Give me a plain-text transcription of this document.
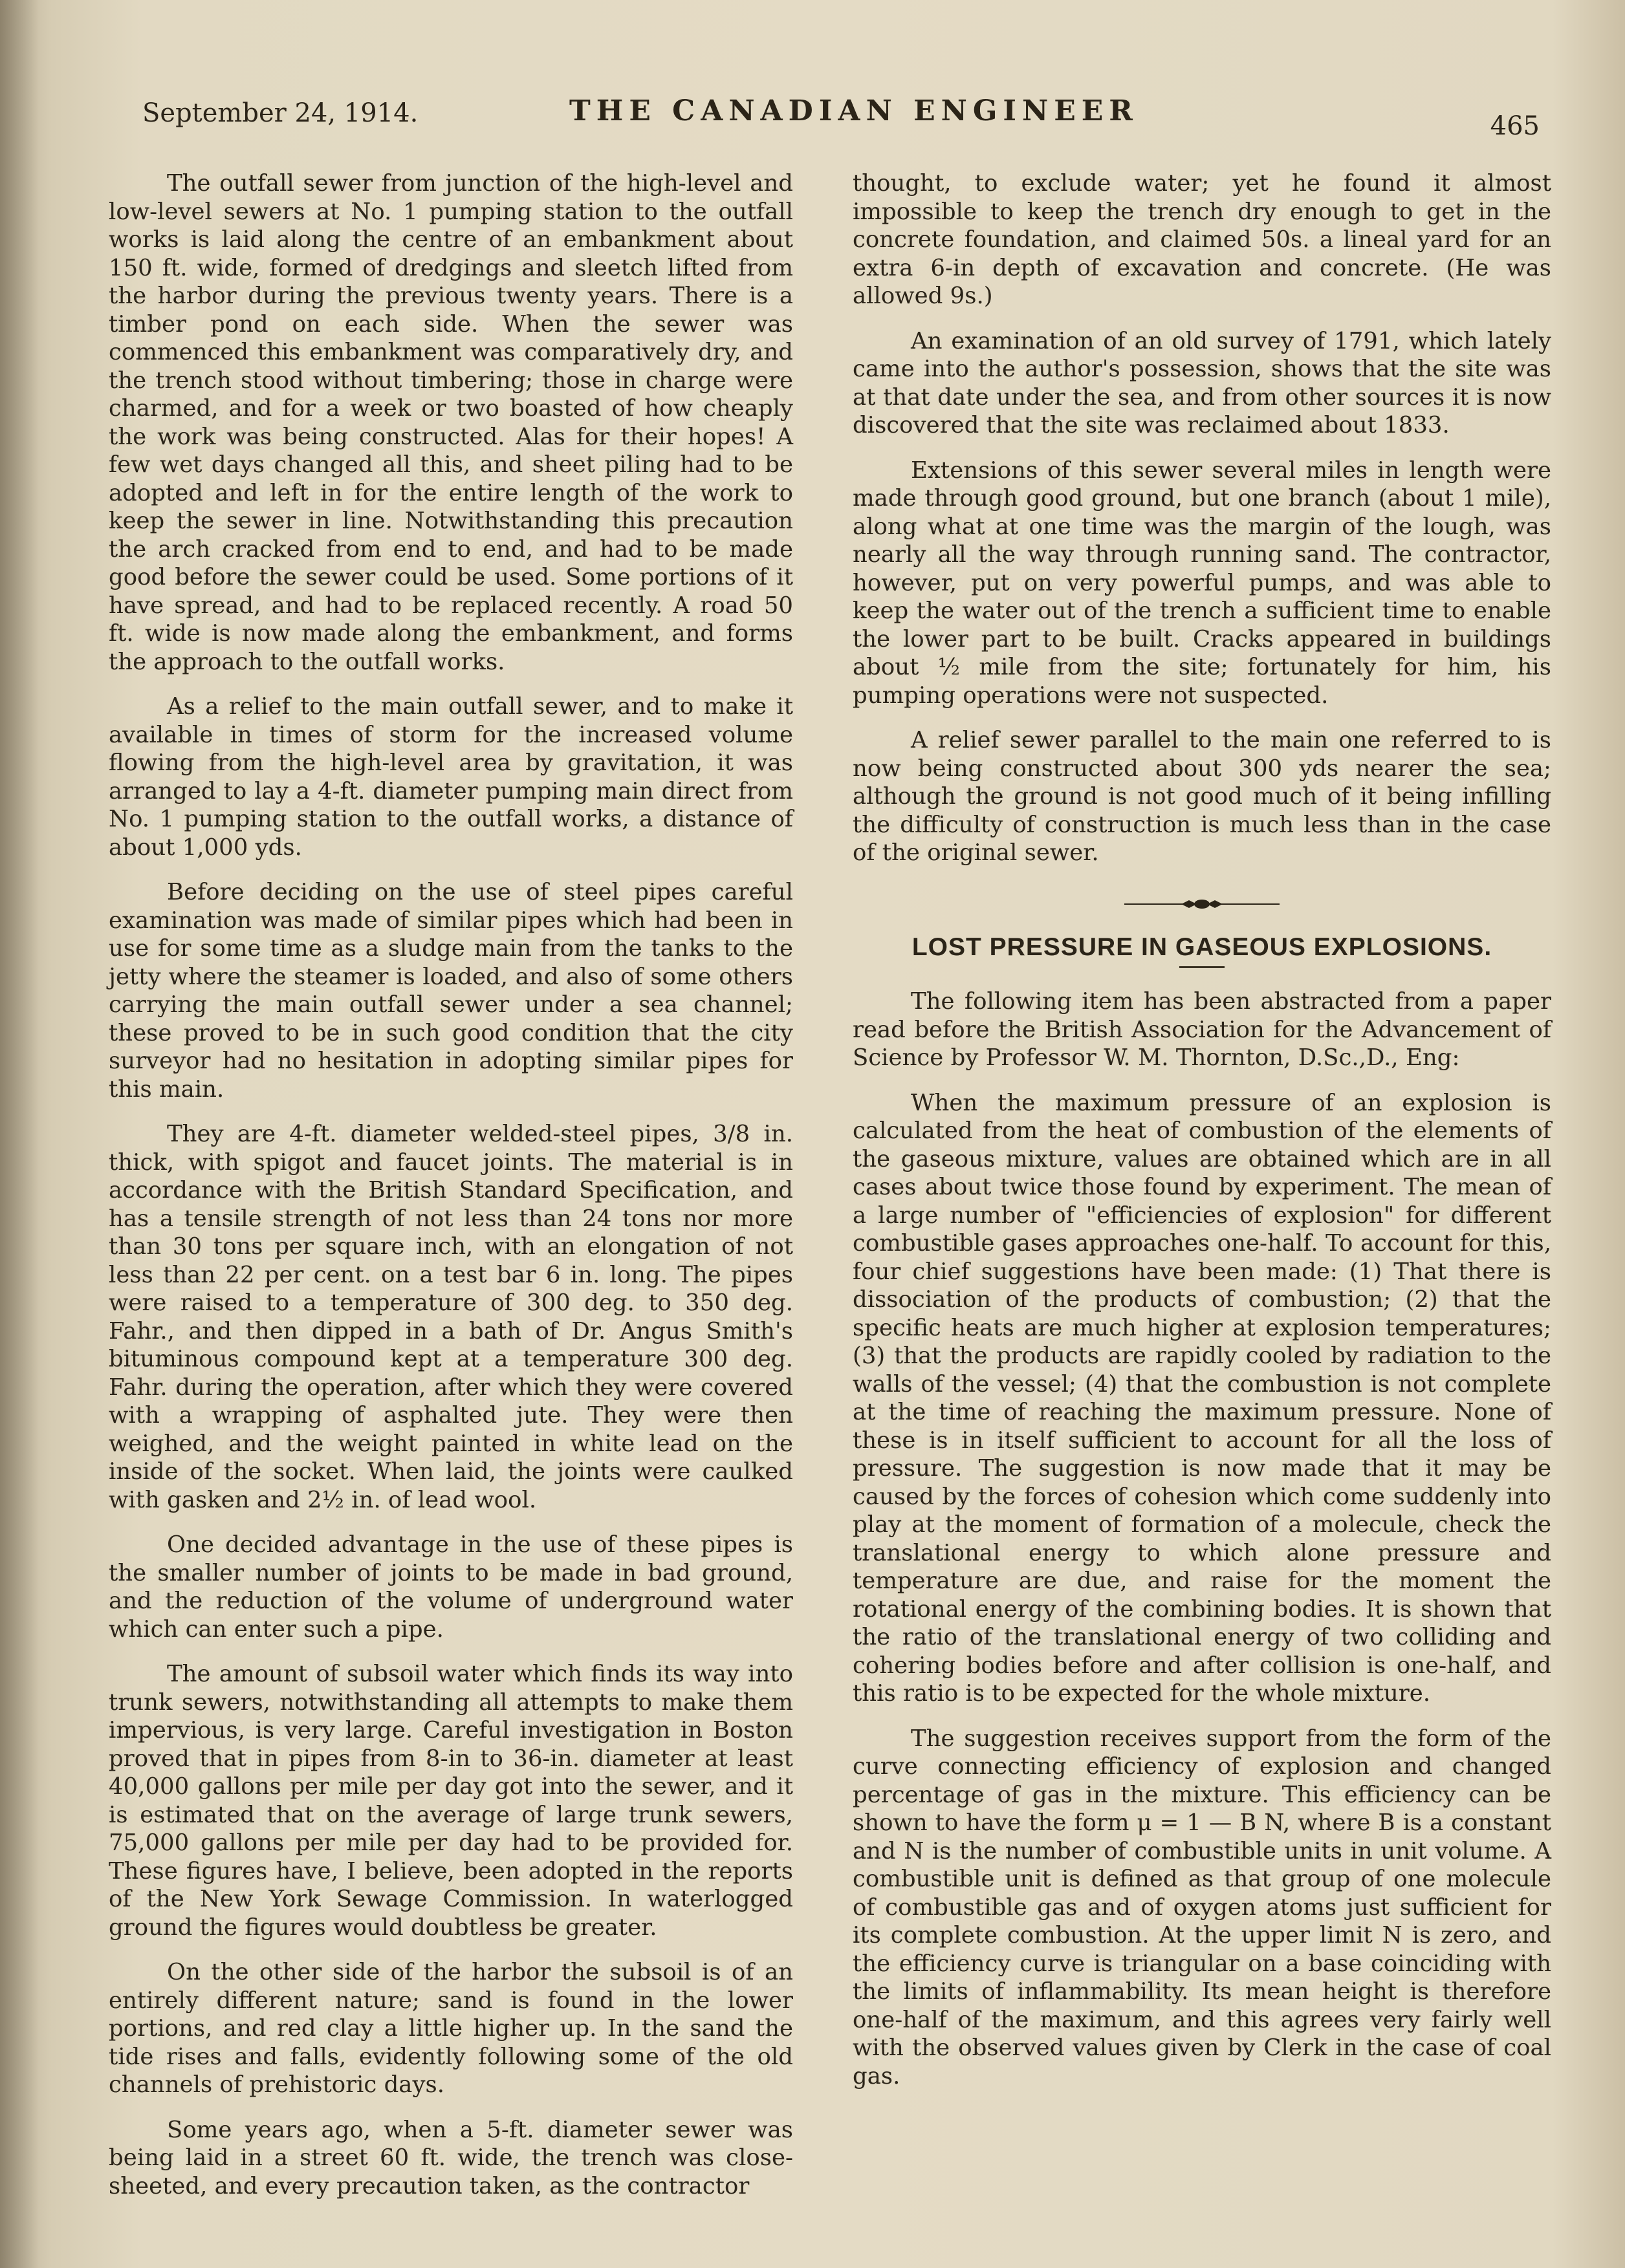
September 24, 1914.	THE CANADIAN ENGINEER	465

The outfall sewer from junction of the high-level and low-level sewers at No. 1 pumping station to the outfall works is laid along the centre of an embankment about 150 ft. wide, formed of dredgings and sleetch lifted from the harbor during the previous twenty years. There is a timber pond on each side. When the sewer was commenced this embankment was comparatively dry, and the trench stood without timbering; those in charge were charmed, and for a week or two boasted of how cheaply the work was being constructed. Alas for their hopes! A few wet days changed all this, and sheet piling had to be adopted and left in for the entire length of the work to keep the sewer in line. Notwithstanding this precaution the arch cracked from end to end, and had to be made good before the sewer could be used. Some portions of it have spread, and had to be replaced recently. A road 50 ft. wide is now made along the embankment, and forms the approach to the outfall works.

As a relief to the main outfall sewer, and to make it available in times of storm for the increased volume flowing from the high-level area by gravitation, it was arranged to lay a 4-ft. diameter pumping main direct from No. 1 pumping station to the outfall works, a distance of about 1,000 yds.

Before deciding on the use of steel pipes careful examination was made of similar pipes which had been in use for some time as a sludge main from the tanks to the jetty where the steamer is loaded, and also of some others carrying the main outfall sewer under a sea channel; these proved to be in such good condition that the city surveyor had no hesitation in adopting similar pipes for this main.

They are 4-ft. diameter welded-steel pipes, 3/8 in. thick, with spigot and faucet joints. The material is in accordance with the British Standard Specification, and has a tensile strength of not less than 24 tons nor more than 30 tons per square inch, with an elongation of not less than 22 per cent. on a test bar 6 in. long. The pipes were raised to a temperature of 300 deg. to 350 deg. Fahr., and then dipped in a bath of Dr. Angus Smith's bituminous compound kept at a temperature 300 deg. Fahr. during the operation, after which they were covered with a wrapping of asphalted jute. They were then weighed, and the weight painted in white lead on the inside of the socket. When laid, the joints were caulked with gasken and 2½ in. of lead wool.

One decided advantage in the use of these pipes is the smaller number of joints to be made in bad ground, and the reduction of the volume of underground water which can enter such a pipe.

The amount of subsoil water which finds its way into trunk sewers, notwithstanding all attempts to make them impervious, is very large. Careful investigation in Boston proved that in pipes from 8-in to 36-in. diameter at least 40,000 gallons per mile per day got into the sewer, and it is estimated that on the average of large trunk sewers, 75,000 gallons per mile per day had to be provided for. These figures have, I believe, been adopted in the reports of the New York Sewage Commission. In waterlogged ground the figures would doubtless be greater.

On the other side of the harbor the subsoil is of an entirely different nature; sand is found in the lower portions, and red clay a little higher up. In the sand the tide rises and falls, evidently following some of the old channels of prehistoric days.

Some years ago, when a 5-ft. diameter sewer was being laid in a street 60 ft. wide, the trench was close-sheeted, and every precaution taken, as the contractor

thought, to exclude water; yet he found it almost impossible to keep the trench dry enough to get in the concrete foundation, and claimed 50s. a lineal yard for an extra 6-in depth of excavation and concrete. (He was allowed 9s.)

An examination of an old survey of 1791, which lately came into the author's possession, shows that the site was at that date under the sea, and from other sources it is now discovered that the site was reclaimed about 1833.

Extensions of this sewer several miles in length were made through good ground, but one branch (about 1 mile), along what at one time was the margin of the lough, was nearly all the way through running sand. The contractor, however, put on very powerful pumps, and was able to keep the water out of the trench a sufficient time to enable the lower part to be built. Cracks appeared in buildings about ½ mile from the site; fortunately for him, his pumping operations were not suspected.

A relief sewer parallel to the main one referred to is now being constructed about 300 yds nearer the sea; although the ground is not good much of it being infilling the difficulty of construction is much less than in the case of the original sewer.

LOST PRESSURE IN GASEOUS EXPLOSIONS.

The following item has been abstracted from a paper read before the British Association for the Advancement of Science by Professor W. M. Thornton, D.Sc.,D., Eng:

When the maximum pressure of an explosion is calculated from the heat of combustion of the elements of the gaseous mixture, values are obtained which are in all cases about twice those found by experiment. The mean of a large number of "efficiencies of explosion" for different combustible gases approaches one-half. To account for this, four chief suggestions have been made: (1) That there is dissociation of the products of combustion; (2) that the specific heats are much higher at explosion temperatures; (3) that the products are rapidly cooled by radiation to the walls of the vessel; (4) that the combustion is not complete at the time of reaching the maximum pressure. None of these is in itself sufficient to account for all the loss of pressure. The suggestion is now made that it may be caused by the forces of cohesion which come suddenly into play at the moment of formation of a molecule, check the translational energy to which alone pressure and temperature are due, and raise for the moment the rotational energy of the combining bodies. It is shown that the ratio of the translational energy of two colliding and cohering bodies before and after collision is one-half, and this ratio is to be expected for the whole mixture.

The suggestion receives support from the form of the curve connecting efficiency of explosion and changed percentage of gas in the mixture. This efficiency can be shown to have the form μ = 1 — B N, where B is a constant and N is the number of combustible units in unit volume. A combustible unit is defined as that group of one molecule of combustible gas and of oxygen atoms just sufficient for its complete combustion. At the upper limit N is zero, and the efficiency curve is triangular on a base coinciding with the limits of inflammability. Its mean height is therefore one-half of the maximum, and this agrees very fairly well with the observed values given by Clerk in the case of coal gas.
